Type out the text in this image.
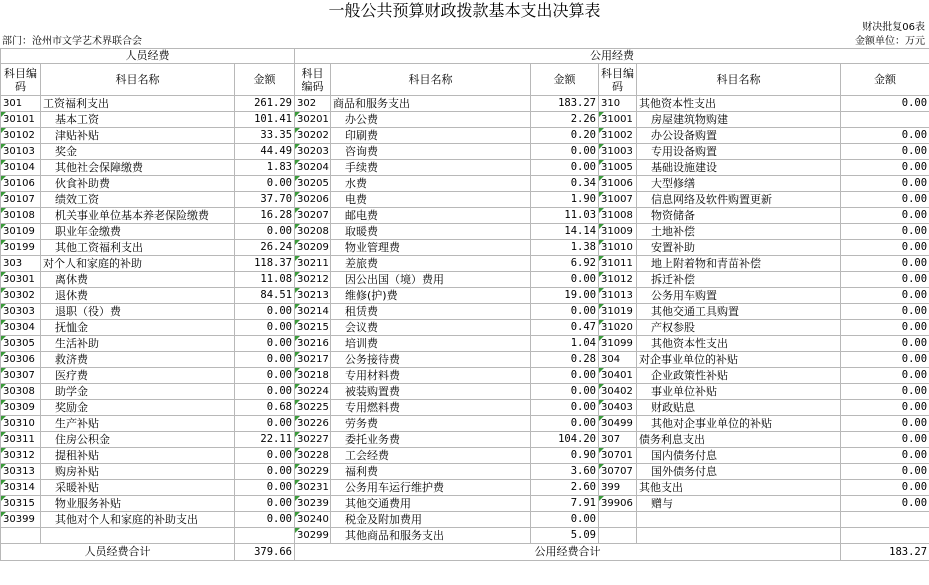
一般公共预算财政拨款基本支出决算表
财决批复06表
部门：沧州市文学艺术界联合会	金额单位：万元
人员经费			公用经费					
科目编码	科目名称	金额	科目编码	科目名称	金额	科目编码	科目名称	金额
301	工资福利支出	261.29	302	商品和服务支出	183.27	310	其他资本性支出	0.00
30101	基本工资	101.41	30201	办公费	2.26	31001	房屋建筑物购建	
30102	津贴补贴	33.35	30202	印刷费	0.20	31002	办公设备购置	0.00
30103	奖金	44.49	30203	咨询费	0.00	31003	专用设备购置	0.00
30104	其他社会保障缴费	1.83	30204	手续费	0.00	31005	基础设施建设	0.00
30106	伙食补助费	0.00	30205	水费	0.34	31006	大型修缮	0.00
30107	绩效工资	37.70	30206	电费	1.90	31007	信息网络及软件购置更新	0.00
30108	机关事业单位基本养老保险缴费	16.28	30207	邮电费	11.03	31008	物资储备	0.00
30109	职业年金缴费	0.00	30208	取暖费	14.14	31009	土地补偿	0.00
30199	其他工资福利支出	26.24	30209	物业管理费	1.38	31010	安置补助	0.00
303	对个人和家庭的补助	118.37	30211	差旅费	6.92	31011	地上附着物和青苗补偿	0.00
30301	离休费	11.08	30212	因公出国（境）费用	0.00	31012	拆迁补偿	0.00
30302	退休费	84.51	30213	维修(护)费	19.00	31013	公务用车购置	0.00
30303	退职（役）费	0.00	30214	租赁费	0.00	31019	其他交通工具购置	0.00
30304	抚恤金	0.00	30215	会议费	0.47	31020	产权参股	0.00
30305	生活补助	0.00	30216	培训费	1.04	31099	其他资本性支出	0.00
30306	救济费	0.00	30217	公务接待费	0.28	304	对企事业单位的补贴	0.00
30307	医疗费	0.00	30218	专用材料费	0.00	30401	企业政策性补贴	0.00
30308	助学金	0.00	30224	被装购置费	0.00	30402	事业单位补贴	0.00
30309	奖励金	0.68	30225	专用燃料费	0.00	30403	财政贴息	0.00
30310	生产补贴	0.00	30226	劳务费	0.00	30499	其他对企事业单位的补贴	0.00
30311	住房公积金	22.11	30227	委托业务费	104.20	307	债务利息支出	0.00
30312	提租补贴	0.00	30228	工会经费	0.90	30701	国内债务付息	0.00
30313	购房补贴	0.00	30229	福利费	3.60	30707	国外债务付息	0.00
30314	采暖补贴	0.00	30231	公务用车运行维护费	2.60	399	其他支出	0.00
30315	物业服务补贴	0.00	30239	其他交通费用	7.91	39906	赠与	0.00
30399	其他对个人和家庭的补助支出	0.00	30240	税金及附加费用	0.00			
			30299	其他商品和服务支出	5.09			
人员经费合计		379.66	公用经费合计					183.27
